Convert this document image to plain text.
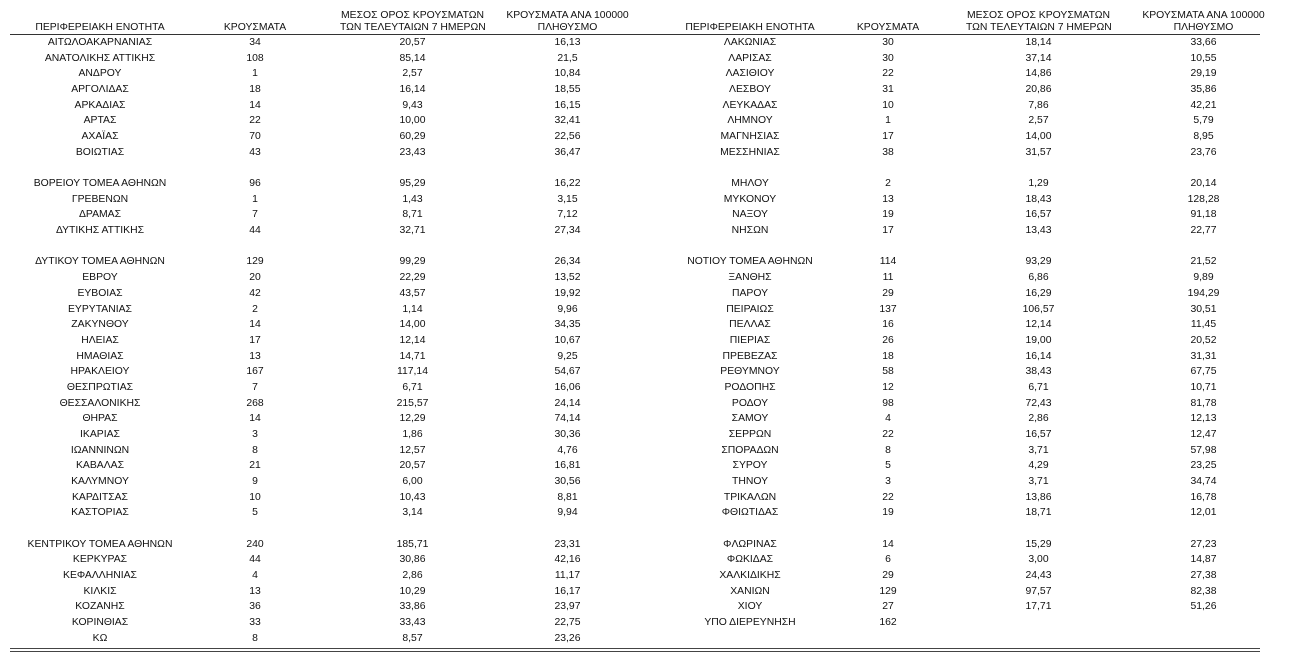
ΠΕΡΙΦΕΡΕΙΑΚΗ ΕΝΟΤΗΤΑ	ΚΡΟΥΣΜΑΤΑ
ΜΕΣΟΣ ΟΡΟΣ ΚΡΟΥΣΜΑΤΩΝ
ΤΩΝ ΤΕΛΕΥΤΑΙΩΝ 7 ΗΜΕΡΩΝ
ΚΡΟΥΣΜΑΤΑ ΑΝΑ 100000
ΠΛΗΘΥΣΜΟ
ΑΙΤΩΛΟΑΚΑΡΝΑΝΙΑΣ	34	20,57	16,13
ΑΝΑΤΟΛΙΚΗΣ ΑΤΤΙΚΗΣ	108	85,14	21,5
ΑΝΔΡΟΥ	1	2,57	10,84
ΑΡΓΟΛΙΔΑΣ	18	16,14	18,55
ΑΡΚΑΔΙΑΣ	14	9,43	16,15
ΑΡΤΑΣ	22	10,00	32,41
ΑΧΑΪΑΣ	70	60,29	22,56
ΒΟΙΩΤΙΑΣ	43	23,43	36,47
ΒΟΡΕΙΟΥ ΤΟΜΕΑ ΑΘΗΝΩΝ	96	95,29	16,22
ΓΡΕΒΕΝΩΝ	1	1,43	3,15
ΔΡΑΜΑΣ	7	8,71	7,12
ΔΥΤΙΚΗΣ ΑΤΤΙΚΗΣ	44	32,71	27,34
ΔΥΤΙΚΟΥ ΤΟΜΕΑ ΑΘΗΝΩΝ	129	99,29	26,34
ΕΒΡΟΥ	20	22,29	13,52
ΕΥΒΟΙΑΣ	42	43,57	19,92
ΕΥΡΥΤΑΝΙΑΣ	2	1,14	9,96
ΖΑΚΥΝΘΟΥ	14	14,00	34,35
ΗΛΕΙΑΣ	17	12,14	10,67
ΗΜΑΘΙΑΣ	13	14,71	9,25
ΗΡΑΚΛΕΙΟΥ	167	117,14	54,67
ΘΕΣΠΡΩΤΙΑΣ	7	6,71	16,06
ΘΕΣΣΑΛΟΝΙΚΗΣ	268	215,57	24,14
ΘΗΡΑΣ	14	12,29	74,14
ΙΚΑΡΙΑΣ	3	1,86	30,36
ΙΩΑΝΝΙΝΩΝ	8	12,57	4,76
ΚΑΒΑΛΑΣ	21	20,57	16,81
ΚΑΛΥΜΝΟΥ	9	6,00	30,56
ΚΑΡΔΙΤΣΑΣ	10	10,43	8,81
ΚΑΣΤΟΡΙΑΣ	5	3,14	9,94
ΚΕΝΤΡΙΚΟΥ ΤΟΜΕΑ ΑΘΗΝΩΝ	240	185,71	23,31
ΚΕΡΚΥΡΑΣ	44	30,86	42,16
ΚΕΦΑΛΛΗΝΙΑΣ	4	2,86	11,17
ΚΙΛΚΙΣ	13	10,29	16,17
ΚΟΖΑΝΗΣ	36	33,86	23,97
ΚΟΡΙΝΘΙΑΣ	33	33,43	22,75
ΚΩ	8	8,57	23,26
ΠΕΡΙΦΕΡΕΙΑΚΗ ΕΝΟΤΗΤΑ	ΚΡΟΥΣΜΑΤΑ
ΜΕΣΟΣ ΟΡΟΣ ΚΡΟΥΣΜΑΤΩΝ
ΤΩΝ ΤΕΛΕΥΤΑΙΩΝ 7 ΗΜΕΡΩΝ
ΚΡΟΥΣΜΑΤΑ ΑΝΑ 100000
ΠΛΗΘΥΣΜΟ
ΛΑΚΩΝΙΑΣ	30	18,14	33,66
ΛΑΡΙΣΑΣ	30	37,14	10,55
ΛΑΣΙΘΙΟΥ	22	14,86	29,19
ΛΕΣΒΟΥ	31	20,86	35,86
ΛΕΥΚΑΔΑΣ	10	7,86	42,21
ΛΗΜΝΟΥ	1	2,57	5,79
ΜΑΓΝΗΣΙΑΣ	17	14,00	8,95
ΜΕΣΣΗΝΙΑΣ	38	31,57	23,76
ΜΗΛΟΥ	2	1,29	20,14
ΜΥΚΟΝΟΥ	13	18,43	128,28
ΝΑΞΟΥ	19	16,57	91,18
ΝΗΣΩΝ	17	13,43	22,77
ΝΟΤΙΟΥ ΤΟΜΕΑ ΑΘΗΝΩΝ	114	93,29	21,52
ΞΑΝΘΗΣ	11	6,86	9,89
ΠΑΡΟΥ	29	16,29	194,29
ΠΕΙΡΑΙΩΣ	137	106,57	30,51
ΠΕΛΛΑΣ	16	12,14	11,45
ΠΙΕΡΙΑΣ	26	19,00	20,52
ΠΡΕΒΕΖΑΣ	18	16,14	31,31
ΡΕΘΥΜΝΟΥ	58	38,43	67,75
ΡΟΔΟΠΗΣ	12	6,71	10,71
ΡΟΔΟΥ	98	72,43	81,78
ΣΑΜΟΥ	4	2,86	12,13
ΣΕΡΡΩΝ	22	16,57	12,47
ΣΠΟΡΑΔΩΝ	8	3,71	57,98
ΣΥΡΟΥ	5	4,29	23,25
ΤΗΝΟΥ	3	3,71	34,74
ΤΡΙΚΑΛΩΝ	22	13,86	16,78
ΦΘΙΩΤΙΔΑΣ	19	18,71	12,01
ΦΛΩΡΙΝΑΣ	14	15,29	27,23
ΦΩΚΙΔΑΣ	6	3,00	14,87
ΧΑΛΚΙΔΙΚΗΣ	29	24,43	27,38
ΧΑΝΙΩΝ	129	97,57	82,38
ΧΙΟΥ	27	17,71	51,26
ΥΠΟ ΔΙΕΡΕΥΝΗΣΗ	162
